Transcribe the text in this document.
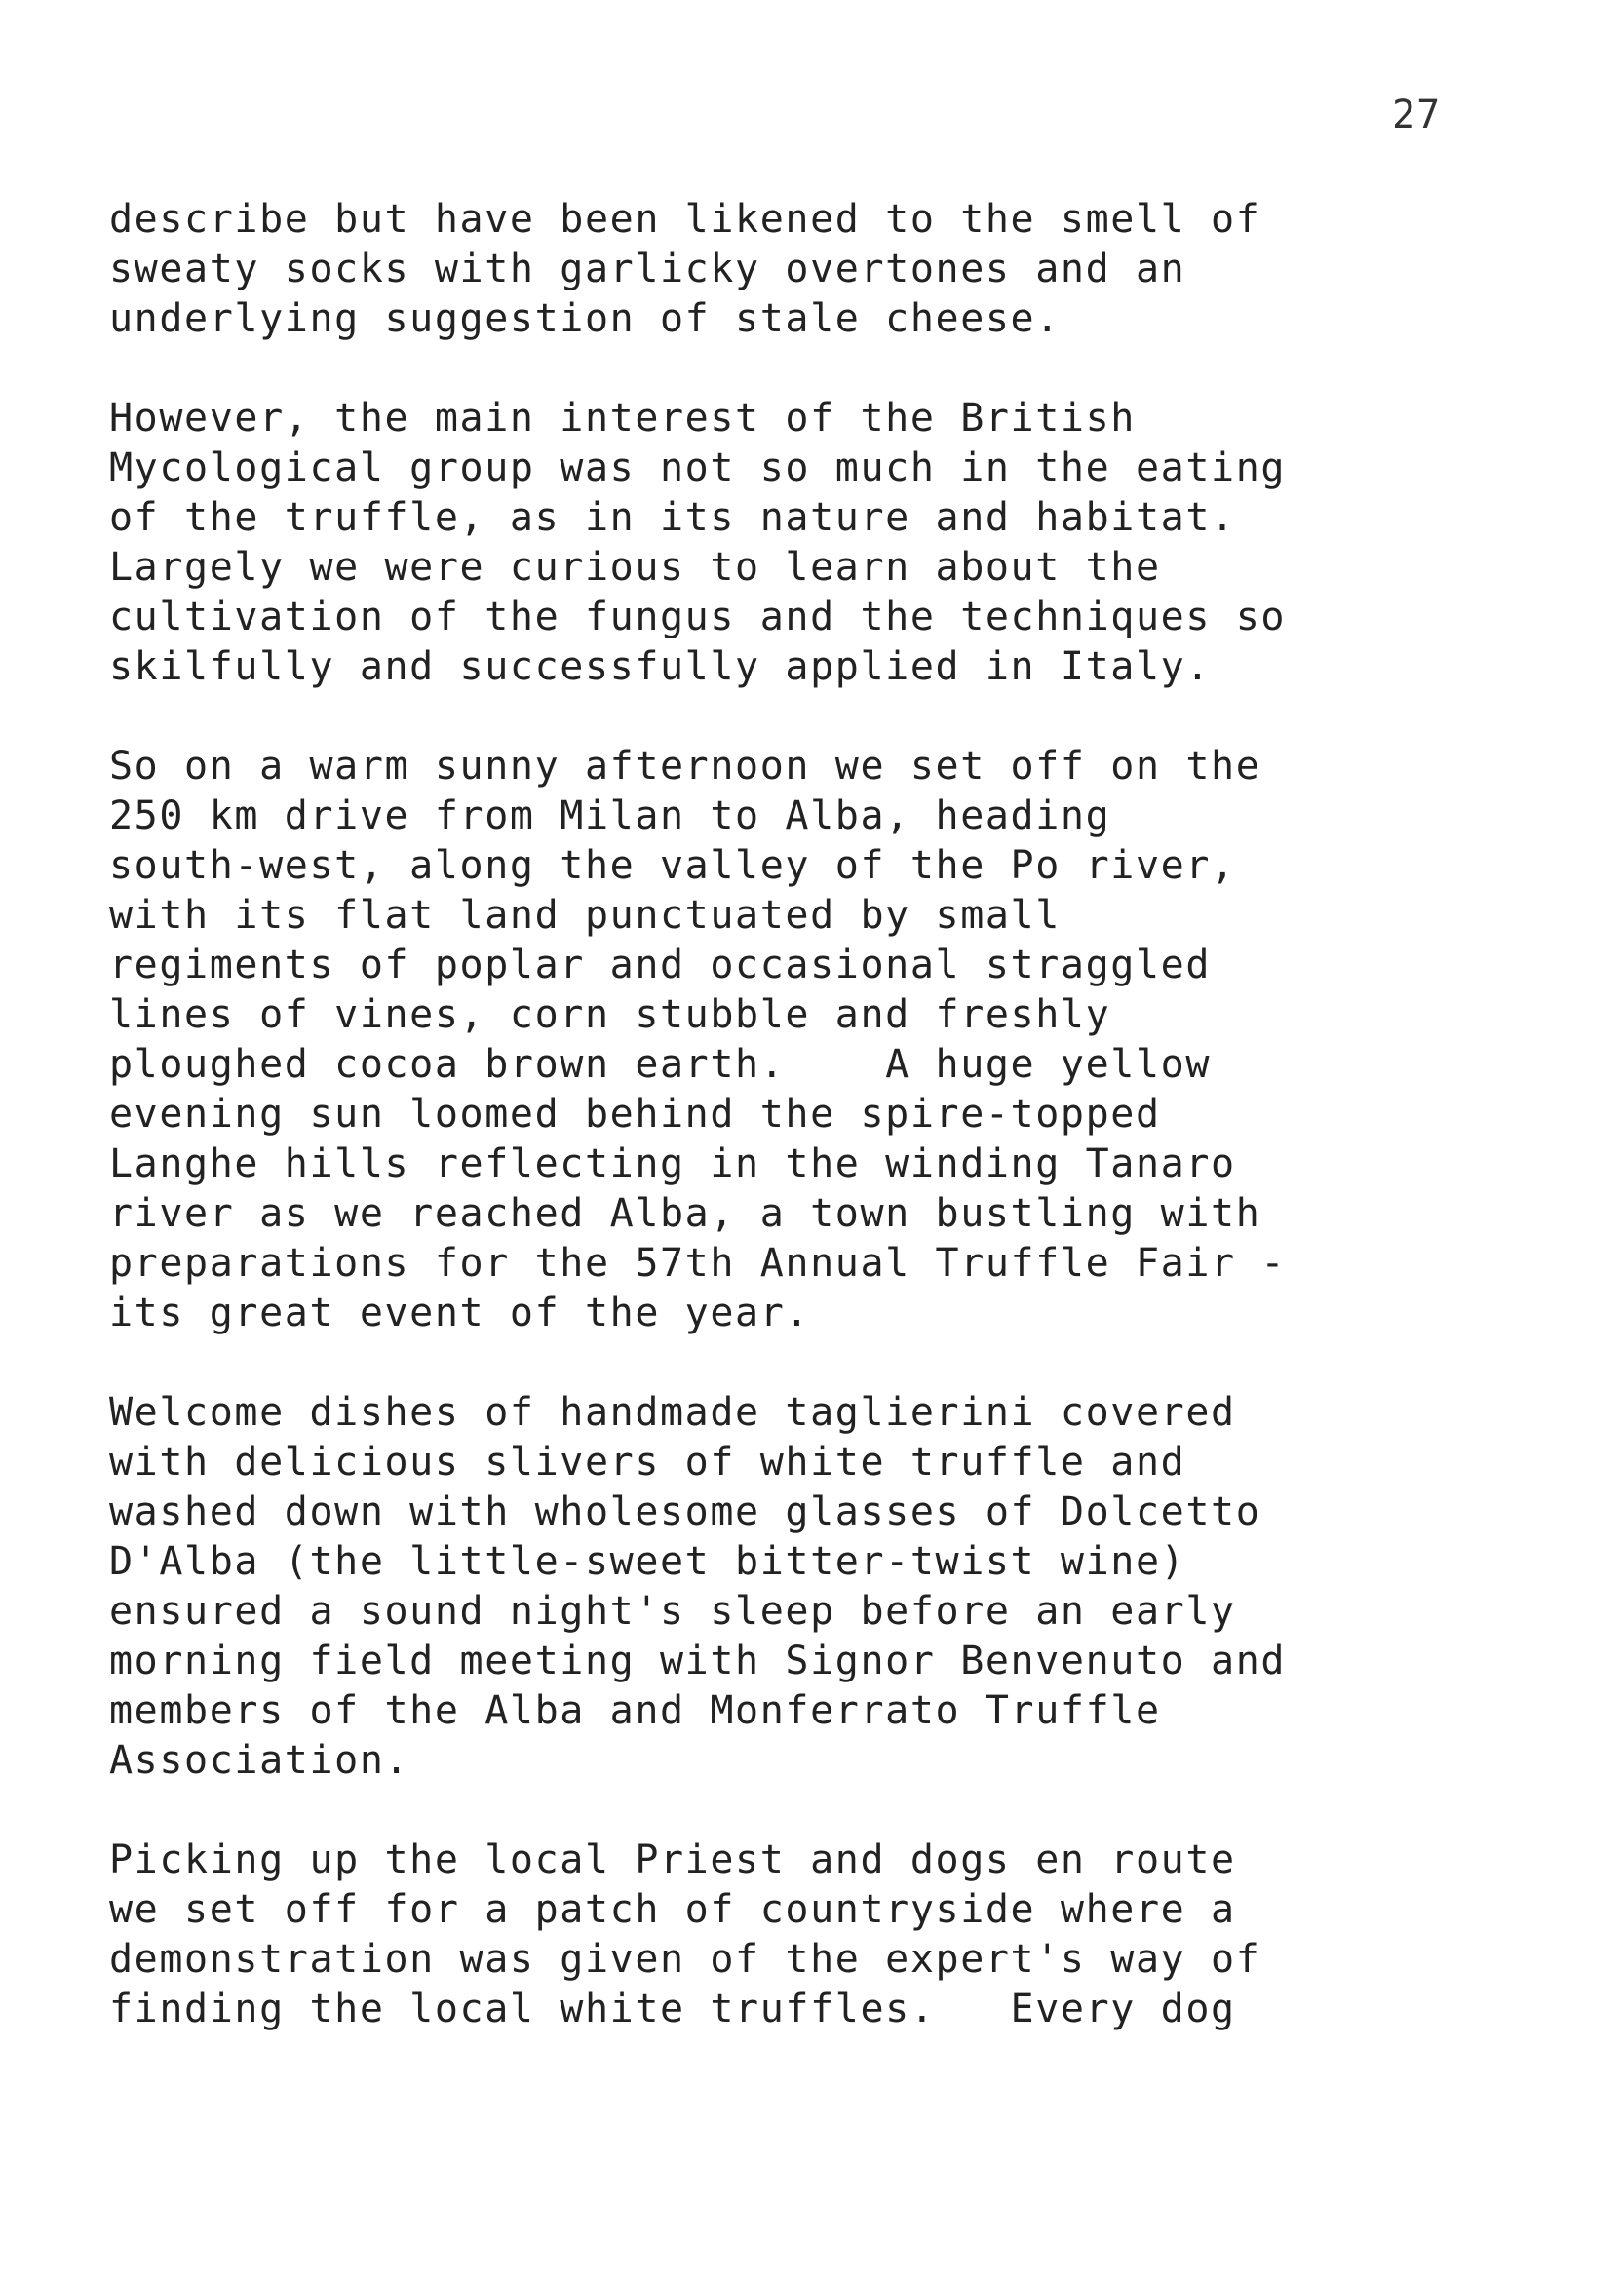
27
describe but have been likened to the smell of
sweaty socks with garlicky overtones and an
underlying suggestion of stale cheese.
However, the main interest of the British
Mycological group was not so much in the eating
of the truffle, as in its nature and habitat.
Largely we were curious to learn about the
cultivation of the fungus and the techniques so
skilfully and successfully applied in Italy.
So on a warm sunny afternoon we set off on the
250 km drive from Milan to Alba, heading
south-west, along the valley of the Po river,
with its flat land punctuated by small
regiments of poplar and occasional straggled
lines of vines, corn stubble and freshly
ploughed cocoa brown earth.    A huge yellow
evening sun loomed behind the spire-topped
Langhe hills reflecting in the winding Tanaro
river as we reached Alba, a town bustling with
preparations for the 57th Annual Truffle Fair -
its great event of the year.
Welcome dishes of handmade taglierini covered
with delicious slivers of white truffle and
washed down with wholesome glasses of Dolcetto
D'Alba (the little-sweet bitter-twist wine)
ensured a sound night's sleep before an early
morning field meeting with Signor Benvenuto and
members of the Alba and Monferrato Truffle
Association.
Picking up the local Priest and dogs en route
we set off for a patch of countryside where a
demonstration was given of the expert's way of
finding the local white truffles.   Every dog
